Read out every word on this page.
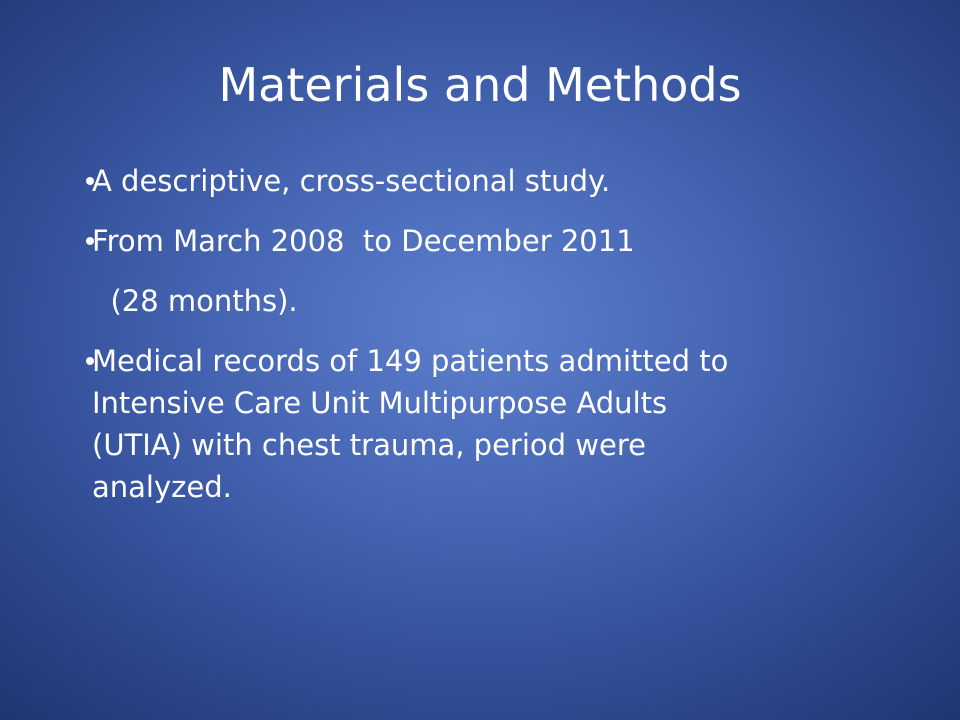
Materials and Methods
A descriptive, cross-sectional study.
From March 2008  to December 2011
(28 months).
Medical records of 149 patients admitted to
Intensive Care Unit Multipurpose Adults
(UTIA) with chest trauma, period were
analyzed.
